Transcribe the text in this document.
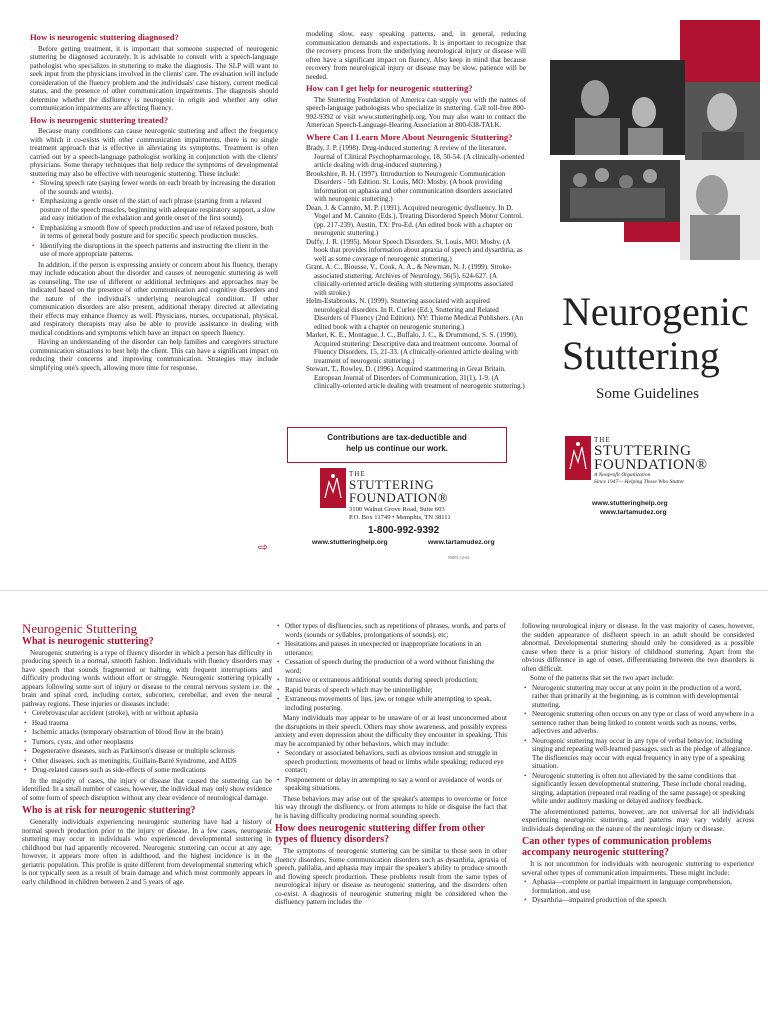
How is neurogenic stuttering diagnosed?

Before getting treatment, it is important that someone suspected of neurogenic stuttering be diagnosed accurately. It is advisable to consult with a speech-language pathologist who specializes in stuttering to make the diagnosis. The SLP will want to seek input from the physicians involved in the clients' care. The evaluation will include consideration of the fluency problem and the individuals' case history, current medical status, and the presence of other communication impairments. The diagnosis should determine whether the disfluency is neurogenic in origin and whether any other communication impairments are affecting fluency.

How is neurogenic stuttering treated?

Because many conditions can cause neurogenic stuttering and affect the frequency with which it co-exists with other communication impairments, there is no single treatment approach that is effective in alleviating its symptoms. Treatment is often carried out by a speech-language pathologist working in conjunction with the clients' physicians. Some therapy techniques that help reduce the symptoms of developmental stuttering may also be effective with neurogenic stuttering. These include:

• Slowing speech rate (saying fewer words on each breath by increasing the duration of the sounds and words).
• Emphasizing a gentle onset of the start of each phrase (starting from a relaxed posture of the speech muscles, beginning with adequate respiratory support, a slow and easy initiation of the exhalation and gentle onset of the first sound).
• Emphasizing a smooth flow of speech production and use of relaxed posture, both in terms of general body posture and for specific speech production muscles.
• Identifying the disruptions in the speech patterns and instructing the client in the use of more appropriate patterns.

In addition, if the person is expressing anxiety or concern about his fluency, therapy may include education about the disorder and causes of neurogenic stuttering as well as counseling. The use of different or additional techniques and approaches may be indicated based on the presence of other communication and cognitive disorders and the nature of the individual's underlying neurological condition. If other communication disorders are also present, additional therapy directed at alleviating their effects may enhance fluency as well. Physicians, nurses, occupational, physical, and respiratory therapists may also be able to provide assistance in dealing with medical conditions and symptoms which have an impact on speech fluency.

Having an understanding of the disorder can help families and caregivers structure communication situations to best help the client. This can have a significant impact on reducing their concerns and improving communication. Strategies may include simplifying one's speech, allowing more time for response,

⇨

modeling slow, easy speaking patterns, and, in general, reducing communication demands and expectations. It is important to recognize that the recovery process from the underlying neurological injury or disease will often have a significant impact on fluency. Also keep in mind that because recovery from neurological injury or disease may be slow, patience will be needed.

How can I get help for neurogenic stuttering?

The Stuttering Foundation of America can supply you with the names of speech-language pathologists who specialize in stuttering. Call toll-free 800-992-9392 or visit www.stutteringhelp.org, You may also want to contact the American Speech-Language-Hearing Association at 800-638-TALK.

Where Can I Learn More About Neurogenic Stuttering?

Brady, J. P. (1998). Drug-induced stuttering: A review of the literature. Journal of Clinical Psychopharmacology, 18, 50-54. (A clinically-oriented article dealing with drug-induced stuttering.)

Brookshire, R. H. (1997). Introduction to Neurogenic Communication Disorders - 5th Edition. St. Louis, MO: Mosby. (A book providing information on aphasia and other communication disorders associated with neurogenic stuttering.)

Dean, J. & Cannito, M. P. (1991). Acquired neurogenic dysfluency. In D. Vogel and M. Cannito (Eds.), Treating Disordered Speech Motor Control. (pp. 217-239). Austin, TX: Pro-Ed. (An edited book with a chapter on neurogenic stuttering.)

Duffy, J. R. (1995). Motor Speech Disorders. St. Louis, MO: Mosby. (A book that provides information about apraxia of speech and dysarthria, as well as some coverage of neurogenic stuttering.)

Grant, A. C., Biousse, V., Cook, A. A., & Newman, N. J. (1999). Stroke-associated stuttering. Archives of Neurology, 56(5), 624-627. (A clinically-oriented article dealing with stuttering symptoms associated with stroke.)

Helm-Estabrooks, N. (1999). Stuttering associated with acquired neurological disorders. In R. Curlee (Ed.), Stuttering and Related Disorders of Fluency (2nd Edition). NY: Thieme Medical Publishers. (An edited book with a chapter on neurogenic stuttering.)

Market, K. E., Montague, J. C., Buffalo, J. C., & Drummond, S. S. (1990). Acquired stuttering: Descriptive data and treatment outcome. Journal of Fluency Disorders, 15, 21-33. (A clinically-oriented article dealing with treatment of neurogenic stuttering.)

Stewart, T., Rowley, D. (1996). Acquired stammering in Great Britain. European Journal of Disorders of Communication, 31(1), 1-9. (A clinically-oriented article dealing with treatment of neurogenic stuttering.)

Contributions are tax-deductible and
help us continue our work.
THE
STUTTERING
FOUNDATION®
3100 Walnut Grove Road, Suite 603
P.O. Box 11749 • Memphis, TN 38111
1-800-992-9392
www.stutteringhelp.org	www.tartamudez.org
N8051 12-64
Neurogenic
Stuttering
Some Guidelines
THE
STUTTERING
FOUNDATION®
A Nonprofit Organization
Since 1947— Helping Those Who Stutter
www.stutteringhelp.org
www.tartamudez.org
Neurogenic Stuttering
What is neurogenic stuttering?

Neurogenic stuttering is a type of fluency disorder in which a person has difficulty in producing speech in a normal, smooth fashion. Individuals with fluency disorders may have speech that sounds fragmented or halting, with frequent interruptions and difficulty producing words without effort or struggle. Neurogenic stuttering typically appears following some sort of injury or disease to the central nervous system i.e. the brain and spinal cord, including cortex, subcortex, cerebellar, and even the neural pathway regions. These injuries or diseases include:

• Cerebrovascular accident (stroke), with or without aphasia
• Head trauma
• Ischemic attacks (temporary obstruction of blood flow in the brain)
• Tumors, cysts, and other neoplasms
• Degenerative diseases, such as Parkinson's disease or multiple sclerosis
• Other diseases, such as meningitis, Guillain-Barré Syndrome, and AIDS
• Drug-related causes such as side-effects of some medications

In the majority of cases, the injury or disease that caused the stuttering can be identified. In a small number of cases, however, the individual may only show evidence of some form of speech disruption without any clear evidence of neurological damage.

Who is at risk for neurogenic stuttering?

Generally individuals experiencing neurogenic stuttering have had a history of normal speech production prior to the injury or disease. In a few cases, neurogenic stuttering may occur in individuals who experienced developmental stuttering in childhood but had apparently recovered. Neurogenic stuttering can occur at any age; however, it appears more often in adulthood, and the highest incidence is in the geriatric population. This profile is quite different from developmental stuttering which is not typically seen as a result of brain damage and which most commonly appears in early childhood in children between 2 and 5 years of age.

• Other types of disfluencies, such as repetitions of phrases, words, and parts of words (sounds or syllables, prolongations of sounds), etc;
• Hesitations and pauses in unexpected or inappropriate locations in an utterance;
• Cessation of speech during the production of a word without finishing the word;
• Intrusive or extraneous additional sounds during speech production;
• Rapid bursts of speech which may be unintelligible;
• Extraneous movements of lips, jaw, or tongue while attempting to speak, including posturing.

Many individuals may appear to be unaware of or at least unconcerned about the disruptions in their speech. Others may show awareness, and possibly express anxiety and even depression about the difficulty they encounter in speaking. This may be accompanied by other behaviors, which may include:

• Secondary or associated behaviors, such as obvious tension and struggle in speech production; movements of head or limbs while speaking; reduced eye contact;
• Postponement or delay in attempting to say a word or avoidance of words or speaking situations.

These behaviors may arise out of the speaker's attempts to overcome or force his way through the disfluency, or from attempts to hide or disguise the fact that he is having difficulty producing normal sounding speech.

How does neurogenic stuttering differ from other types of fluency disorders?

The symptoms of neurogenic stuttering can be similar to those seen in other fluency disorders. Some communication disorders such as dysarthria, apraxia of speech, palilalia, and aphasia may impair the speaker's ability to produce smooth and flowing speech production. These problems result from the same types of neurological injury or disease as neurogenic stuttering, and the disorders often co-exist. A diagnosis of neurogenic stuttering might be considered when the disfluency pattern includes the

following neurological injury or disease. In the vast majority of cases, however, the sudden appearance of disfluent speech in an adult should be considered abnormal. Developmental stuttering should only be considered as a possible cause when there is a prior history of childhood stuttering. Apart from the obvious difference in age of onset, differentiating between the two disorders is often difficult.

Some of the patterns that set the two apart include:

• Neurogenic stuttering may occur at any point in the production of a word, rather than primarily at the beginning, as is common with developmental stuttering.
• Neurogenic stuttering often occurs on any type or class of word anywhere in a sentence rather than being linked to content words such as nouns, verbs, adjectives and adverbs.
• Neurogenic stuttering may occur in any type of verbal behavior, including singing and repeating well-learned passages, such as the pledge of allegiance. The disfluencies may occur with equal frequency in any type of a speaking situation.
• Neurogenic stuttering is often not alleviated by the same conditions that significantly lessen developmental stuttering. These include choral reading, singing, adaptation (repeated oral reading of the same passage) or speaking while under auditory masking or delayed auditory feedback.

The aforementioned patterns, however, are not universal for all individuals experiencing neurogenic stuttering, and patterns may vary widely across individuals depending on the nature of the neurologic injury or disease.

Can other types of communication problems accompany neurogenic stuttering?

It is not uncommon for individuals with neurogenic stuttering to experience several other types of communication impairments. These might include:

• Aphasia—complete or partial impairment in language comprehension, formulation, and use
• Dysarthria—impaired production of the speech
